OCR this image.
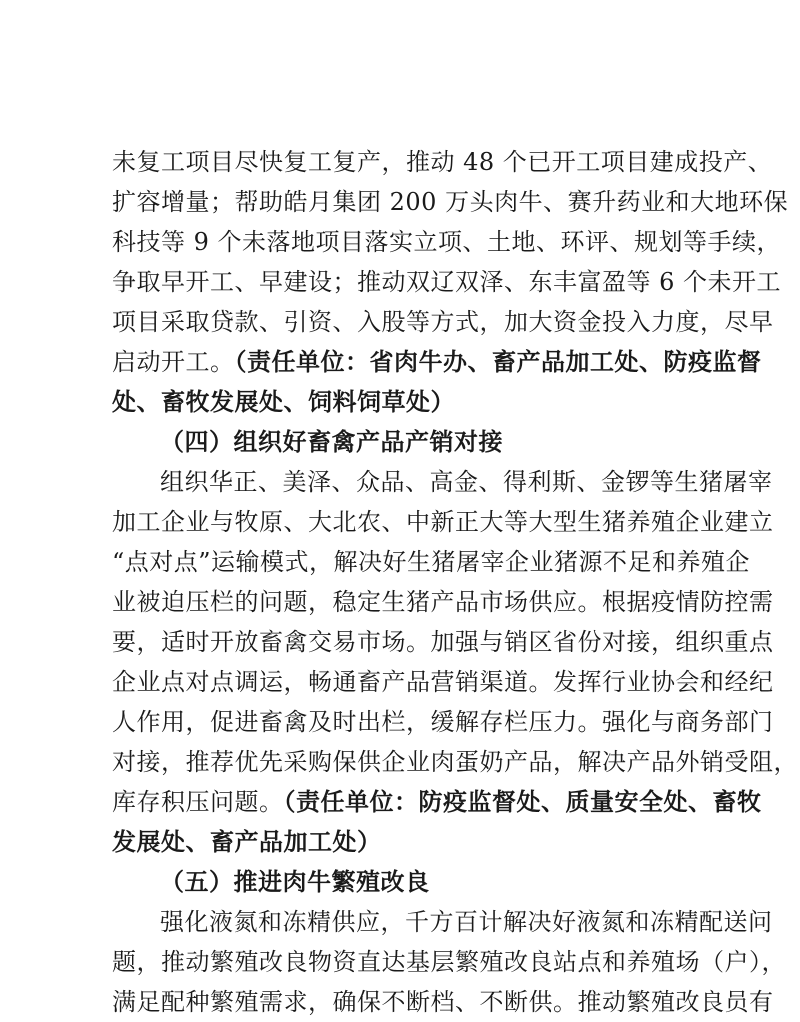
未复工项目尽快复工复产，推动 48 个已开工项目建成投产、
扩容增量；帮助皓月集团 200 万头肉牛、赛升药业和大地环保
科技等 9 个未落地项目落实立项、土地、环评、规划等手续，
争取早开工、早建设；推动双辽双泽、东丰富盈等 6 个未开工
项目采取贷款、引资、入股等方式，加大资金投入力度，尽早
启动开工。（责任单位：省肉牛办、畜产品加工处、防疫监督
处、畜牧发展处、饲料饲草处）
（四）组织好畜禽产品产销对接
组织华正、美泽、众品、高金、得利斯、金锣等生猪屠宰
加工企业与牧原、大北农、中新正大等大型生猪养殖企业建立
“点对点”运输模式，解决好生猪屠宰企业猪源不足和养殖企
业被迫压栏的问题，稳定生猪产品市场供应。根据疫情防控需
要，适时开放畜禽交易市场。加强与销区省份对接，组织重点
企业点对点调运，畅通畜产品营销渠道。发挥行业协会和经纪
人作用，促进畜禽及时出栏，缓解存栏压力。强化与商务部门
对接，推荐优先采购保供企业肉蛋奶产品，解决产品外销受阻，
库存积压问题。（责任单位：防疫监督处、质量安全处、畜牧
发展处、畜产品加工处）
（五）推进肉牛繁殖改良
强化液氮和冻精供应，千方百计解决好液氮和冻精配送问
题，推动繁殖改良物资直达基层繁殖改良站点和养殖场（户），
满足配种繁殖需求，确保不断档、不断供。推动繁殖改良员有
